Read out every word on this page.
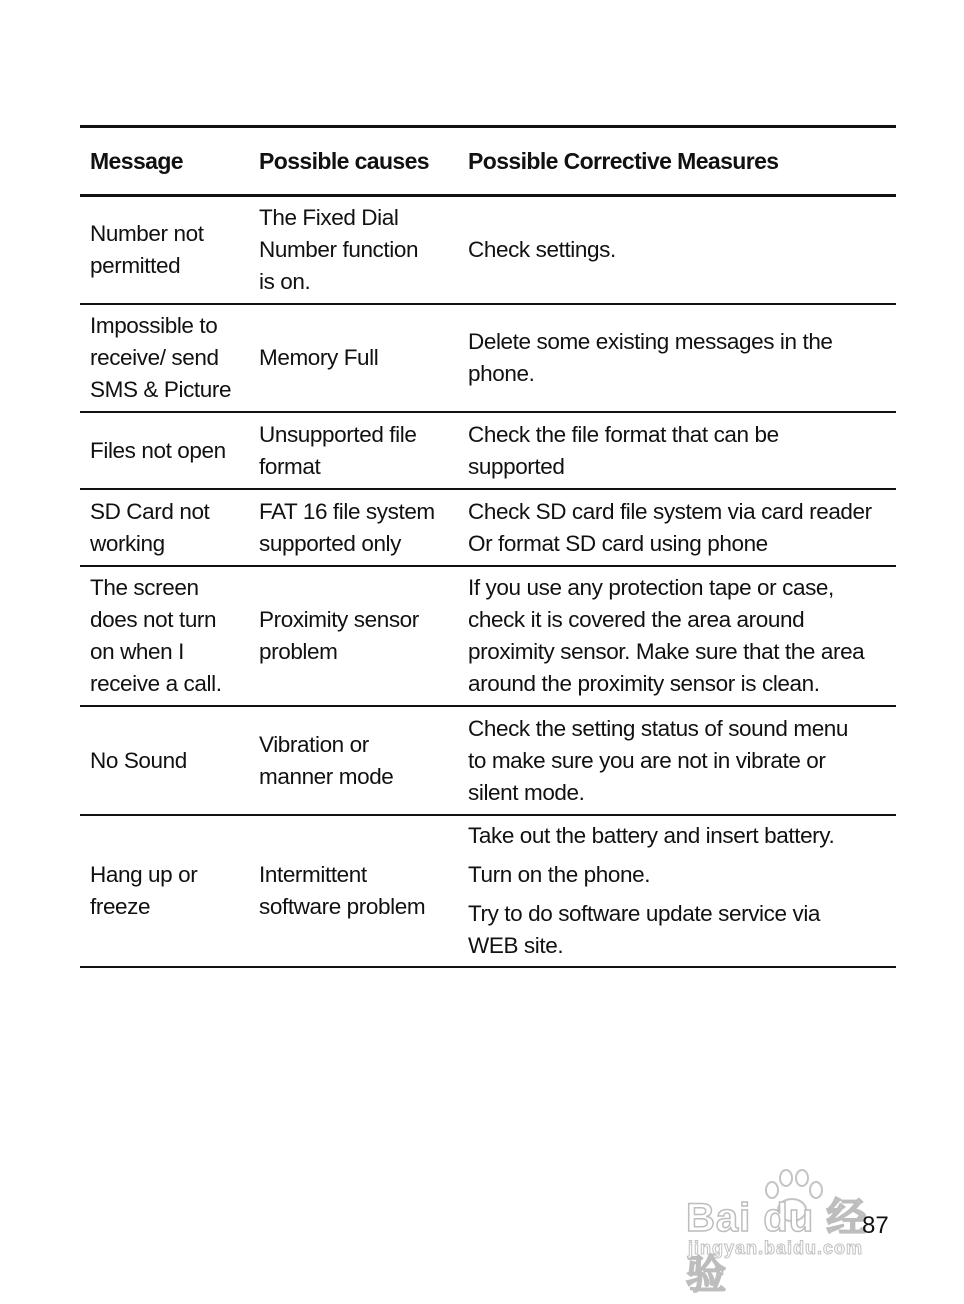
Message	Possible causes	Possible Corrective Measures
Number not
permitted
The Fixed Dial
Number function
is on.
Check settings.
Impossible to
receive/ send
SMS & Picture
Memory Full
Delete some existing messages in the
phone.
Files not open
Unsupported file
format
Check the file format that can be
supported
SD Card not
working
FAT 16 file system
supported only
Check SD card file system via card reader
Or format SD card using phone
The screen
does not turn
on when I
receive a call.
Proximity sensor
problem
If you use any protection tape or case,
check it is covered the area around
proximity sensor. Make sure that the area
around the proximity sensor is clean.
No Sound
Vibration or
manner mode
Check the setting status of sound menu
to make sure you are not in vibrate or
silent mode.
Hang up or
freeze
Intermittent
software problem
Take out the battery and insert battery.
Turn on the phone.
Try to do software update service via
WEB site.
Bai du 经验
jingyan.baidu.com
87
